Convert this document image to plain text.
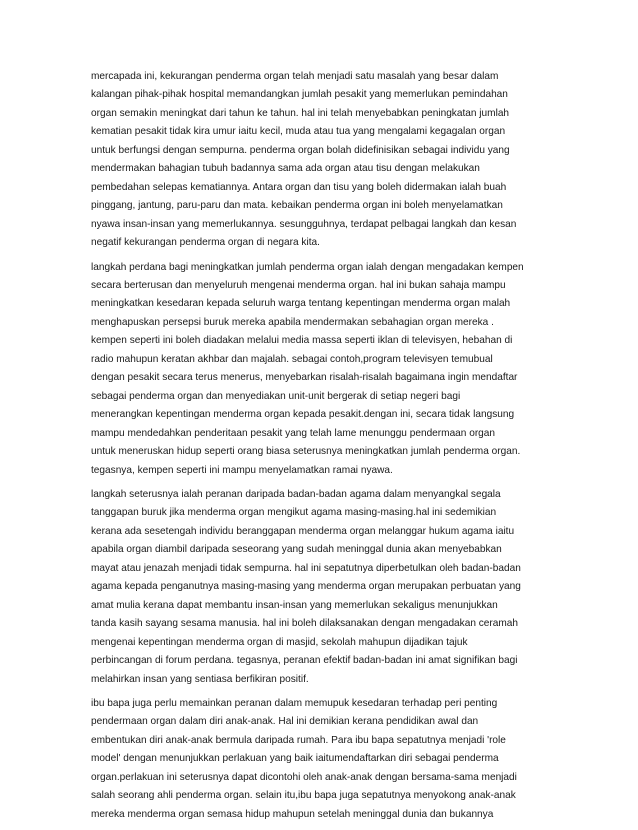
mercapada ini, kekurangan penderma organ telah menjadi satu masalah yang besar dalam
kalangan pihak-pihak hospital memandangkan jumlah pesakit yang memerlukan pemindahan
organ semakin meningkat dari tahun ke tahun. hal ini telah menyebabkan peningkatan jumlah
kematian pesakit tidak kira umur iaitu kecil, muda atau tua yang mengalami kegagalan organ
untuk berfungsi dengan sempurna. penderma organ bolah didefinisikan sebagai individu yang
mendermakan bahagian tubuh badannya sama ada organ atau tisu dengan melakukan
pembedahan selepas kematiannya. Antara organ dan tisu yang boleh didermakan ialah buah
pinggang, jantung, paru-paru dan mata. kebaikan penderma organ ini boleh menyelamatkan
nyawa insan-insan yang memerlukannya. sesungguhnya, terdapat pelbagai langkah dan kesan
negatif kekurangan penderma organ di negara kita.
langkah perdana bagi meningkatkan jumlah penderma organ ialah dengan mengadakan kempen
secara berterusan dan menyeluruh mengenai menderma organ. hal ini bukan sahaja mampu
meningkatkan kesedaran kepada seluruh warga tentang kepentingan menderma organ malah
menghapuskan persepsi buruk mereka apabila mendermakan sebahagian organ mereka .
kempen seperti ini boleh diadakan melalui media massa seperti iklan di televisyen, hebahan di
radio mahupun keratan akhbar dan majalah. sebagai contoh,program televisyen temubual
dengan pesakit secara terus menerus, menyebarkan risalah-risalah bagaimana ingin mendaftar
sebagai penderma organ dan menyediakan unit-unit bergerak di setiap negeri bagi
menerangkan kepentingan menderma organ kepada pesakit.dengan ini, secara tidak langsung
mampu mendedahkan penderitaan pesakit yang telah lame menunggu pendermaan organ
untuk meneruskan hidup seperti orang biasa seterusnya meningkatkan jumlah penderma organ.
tegasnya, kempen seperti ini mampu menyelamatkan ramai nyawa.
langkah seterusnya ialah peranan daripada badan-badan agama dalam menyangkal segala
tanggapan buruk jika menderma organ mengikut agama masing-masing.hal ini sedemikian
kerana ada sesetengah individu beranggapan menderma organ melanggar hukum agama iaitu
apabila organ diambil daripada seseorang yang sudah meninggal dunia akan menyebabkan
mayat atau jenazah menjadi tidak sempurna. hal ini sepatutnya diperbetulkan oleh badan-badan
agama kepada penganutnya masing-masing yang menderma organ merupakan perbuatan yang
amat mulia kerana dapat membantu insan-insan yang memerlukan sekaligus menunjukkan
tanda kasih sayang sesama manusia. hal ini boleh dilaksanakan dengan mengadakan ceramah
mengenai kepentingan menderma organ di masjid, sekolah mahupun dijadikan tajuk
perbincangan di forum perdana. tegasnya, peranan efektif badan-badan ini amat signifikan bagi
melahirkan insan yang sentiasa berfikiran positif.
ibu bapa juga perlu memainkan peranan dalam memupuk kesedaran terhadap peri penting
pendermaan organ dalam diri anak-anak. Hal ini demikian kerana pendidikan awal dan
embentukan diri anak-anak bermula daripada rumah. Para ibu bapa sepatutnya menjadi 'role
model' dengan menunjukkan perlakuan yang baik iaitumendaftarkan diri sebagai penderma
organ.perlakuan ini seterusnya dapat dicontohi oleh anak-anak dengan bersama-sama menjadi
salah seorang ahli penderma organ. selain itu,ibu bapa juga sepatutnya menyokong anak-anak
mereka menderma organ semasa hidup mahupun setelah meninggal dunia dan bukannya
